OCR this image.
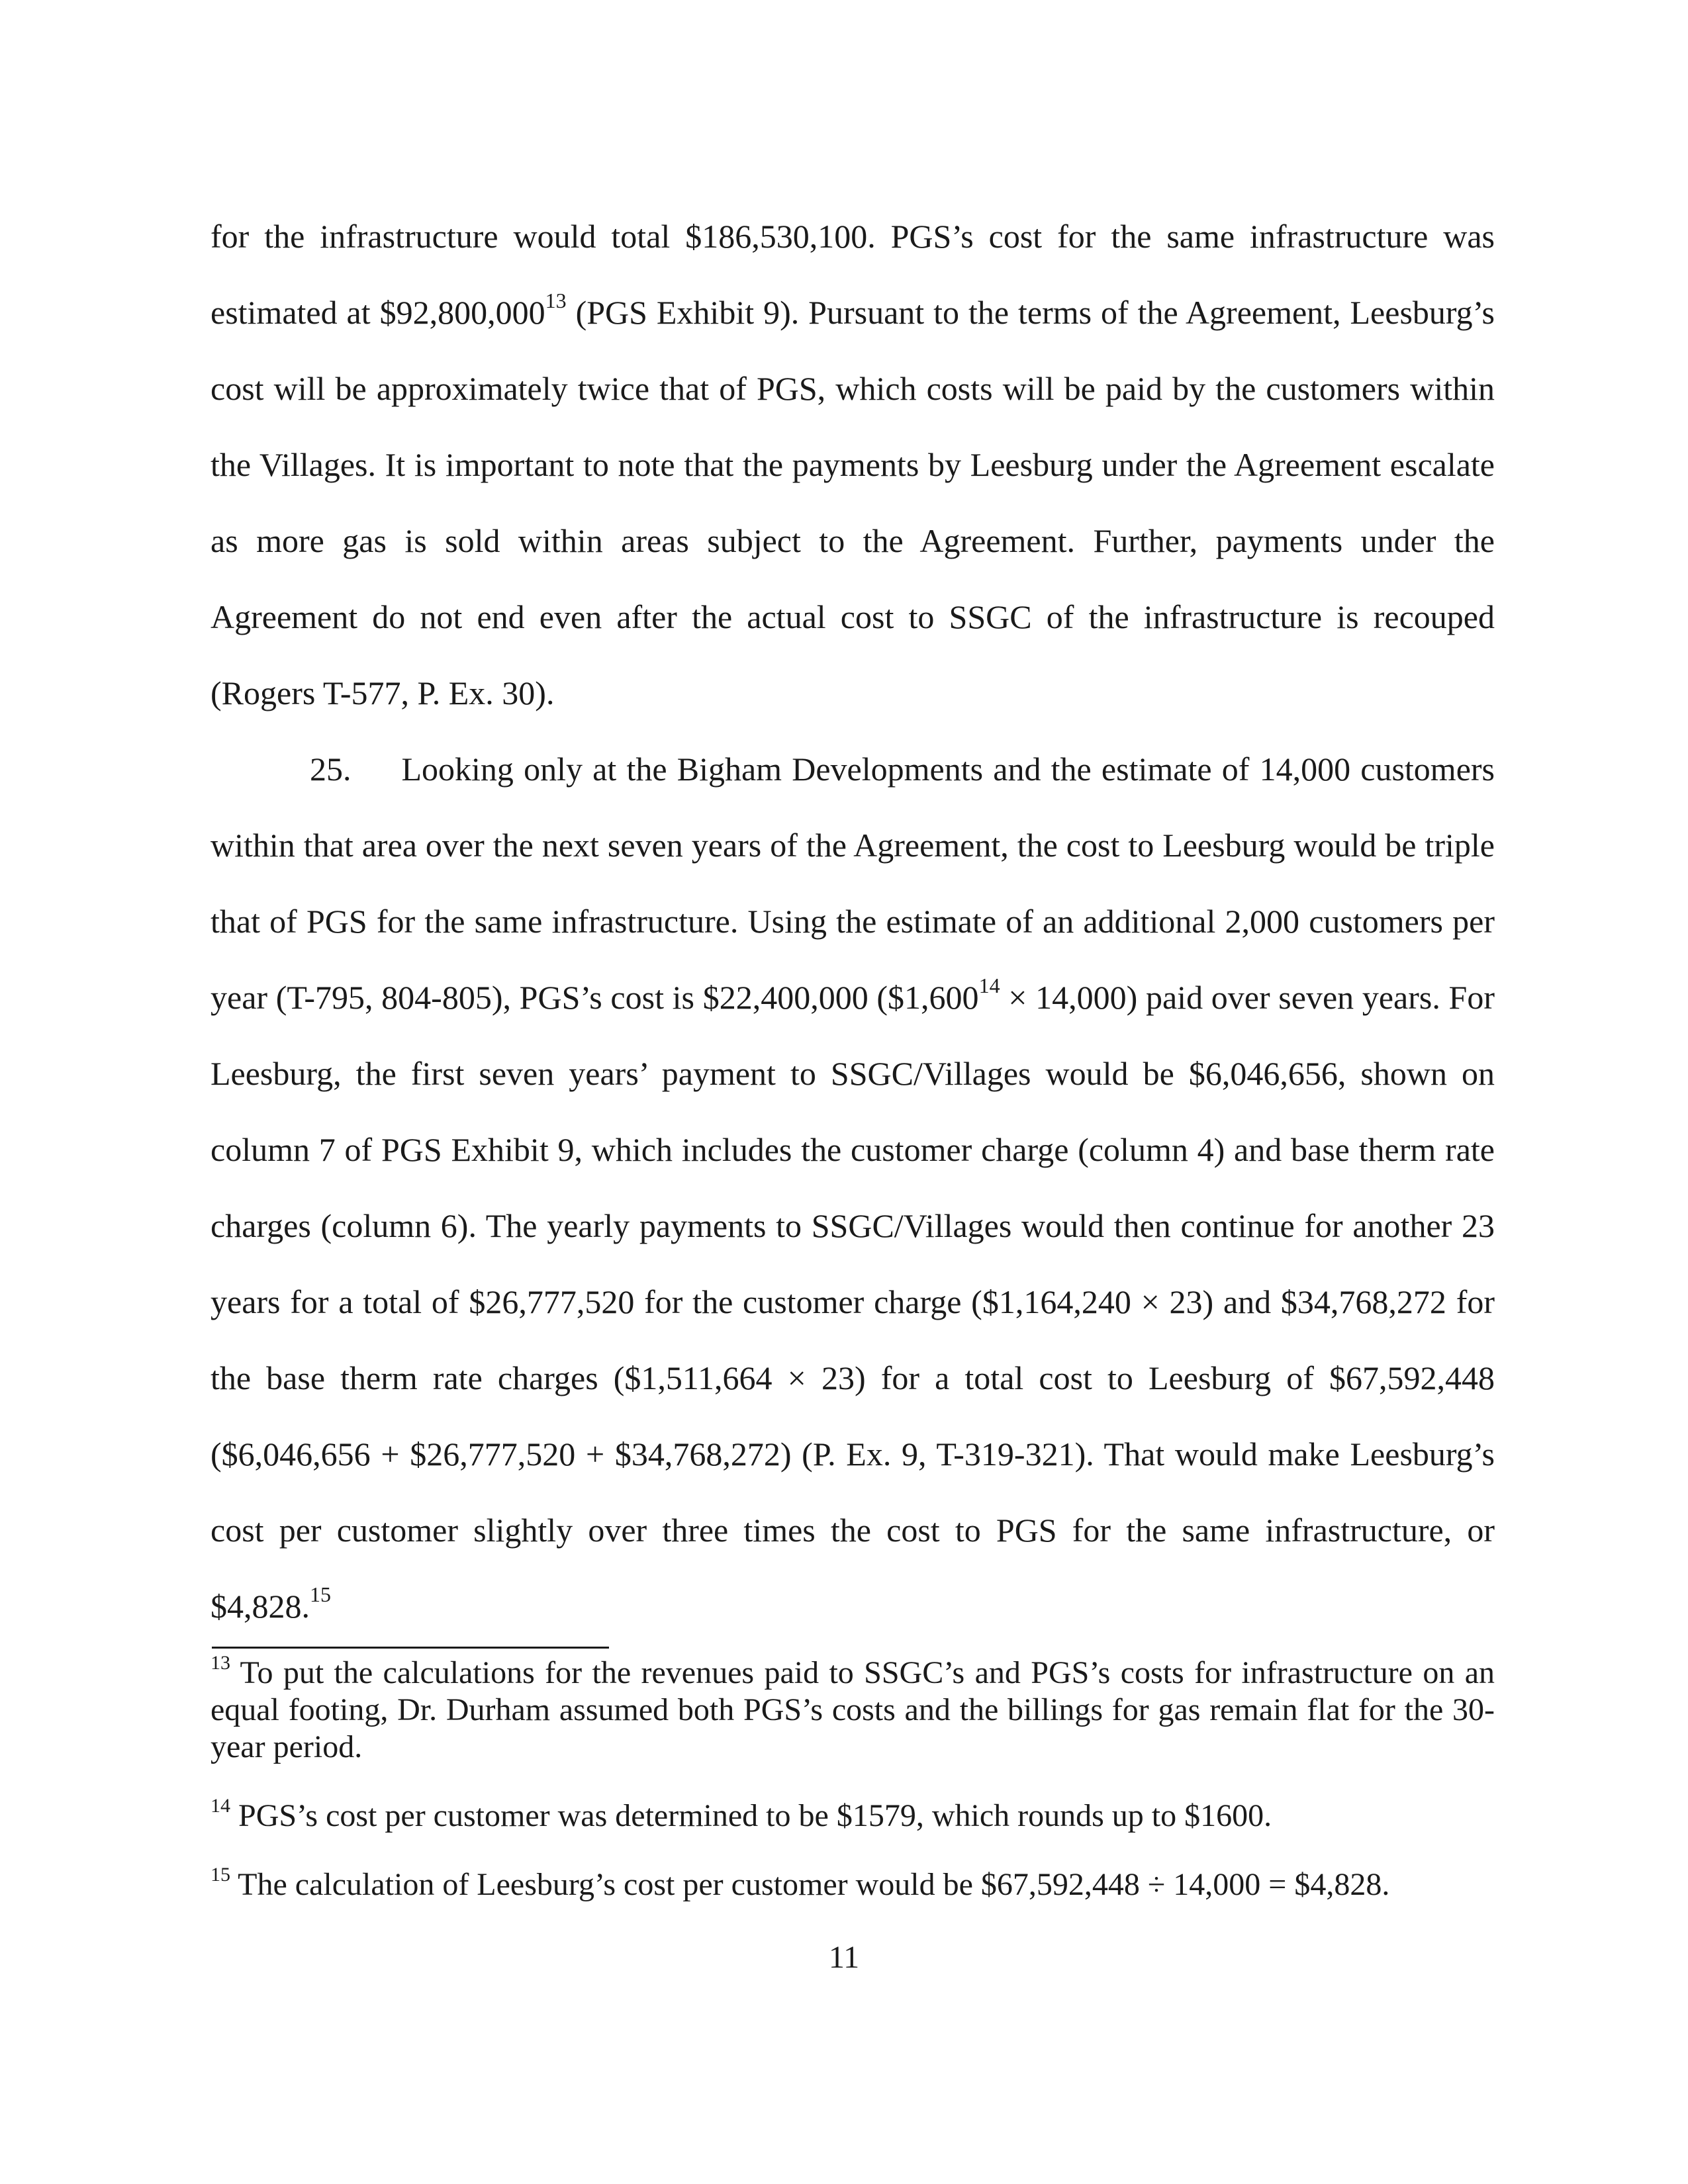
for the infrastructure would total $186,530,100. PGS’s cost for the same infrastructure was estimated at $92,800,000$^{13}$ (PGS Exhibit 9). Pursuant to the terms of the Agreement, Leesburg’s cost will be approximately twice that of PGS, which costs will be paid by the customers within the Villages. It is important to note that the payments by Leesburg under the Agreement escalate as more gas is sold within areas subject to the Agreement. Further, payments under the Agreement do not end even after the actual cost to SSGC of the infrastructure is recouped (Rogers T-577, P. Ex. 30).

25. Looking only at the Bigham Developments and the estimate of 14,000 customers within that area over the next seven years of the Agreement, the cost to Leesburg would be triple that of PGS for the same infrastructure. Using the estimate of an additional 2,000 customers per year (T-795, 804-805), PGS’s cost is $22,400,000 $(\$1,600^{14} \times 14,000)$ paid over seven years. For Leesburg, the first seven years’ payment to SSGC/Villages would be $6,046,656, shown on column 7 of PGS Exhibit 9, which includes the customer charge (column 4) and base therm rate charges (column 6). The yearly payments to SSGC/Villages would then continue for another 23 years for a total of $26,777,520 for the customer charge ($1,164,240 × 23) and $34,768,272 for the base therm rate charges ($1,511,664 × 23) for a total cost to Leesburg of $67,592,448 ($6,046,656 + $26,777,520 + $34,768,272) (P. Ex. 9, T-319-321). That would make Leesburg’s cost per customer slightly over three times the cost to PGS for the same infrastructure, or $4,828.15

$^{13}$ To put the calculations for the revenues paid to SSGC’s and PGS’s costs for infrastructure on an equal footing, Dr. Durham assumed both PGS’s costs and the billings for gas remain flat for the 30-year period.

$^{14}$ PGS’s cost per customer was determined to be $1579, which rounds up to $1600.

$^{15}$ The calculation of Leesburg’s cost per customer would be $67,592,448 ÷ 14,000 = $4,828.

11
